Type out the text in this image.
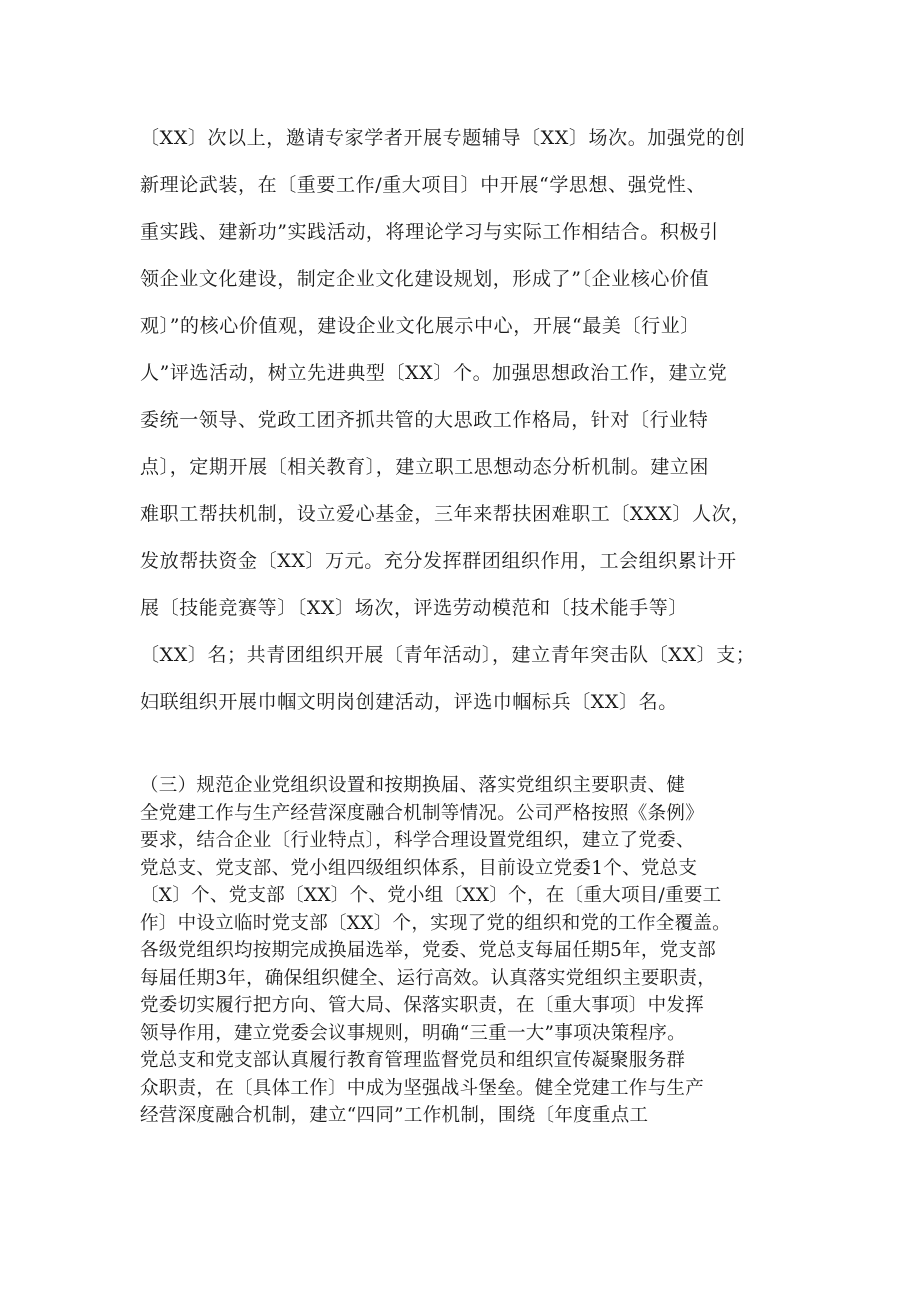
〔XX〕次以上，邀请专家学者开展专题辅导〔XX〕场次。加强党的创
新理论武装，在〔重要工作/重大项目〕中开展“学思想、强党性、
重实践、建新功”实践活动，将理论学习与实际工作相结合。积极引
领企业文化建设，制定企业文化建设规划，形成了”〔企业核心价值
观〕”的核心价值观，建设企业文化展示中心，开展“最美〔行业〕
人”评选活动，树立先进典型〔XX〕个。加强思想政治工作，建立党
委统一领导、党政工团齐抓共管的大思政工作格局，针对〔行业特
点〕，定期开展〔相关教育〕，建立职工思想动态分析机制。建立困
难职工帮扶机制，设立爱心基金，三年来帮扶困难职工〔XXX〕人次，
发放帮扶资金〔XX〕万元。充分发挥群团组织作用，工会组织累计开
展〔技能竞赛等〕〔XX〕场次，评选劳动模范和〔技术能手等〕
〔XX〕名；共青团组织开展〔青年活动〕，建立青年突击队〔XX〕支；
妇联组织开展巾帼文明岗创建活动，评选巾帼标兵〔XX〕名。
（三）规范企业党组织设置和按期换届、落实党组织主要职责、健
全党建工作与生产经营深度融合机制等情况。公司严格按照《条例》
要求，结合企业〔行业特点〕，科学合理设置党组织，建立了党委、
党总支、党支部、党小组四级组织体系，目前设立党委1个、党总支
〔X〕个、党支部〔XX〕个、党小组〔XX〕个，在〔重大项目/重要工
作〕中设立临时党支部〔XX〕个，实现了党的组织和党的工作全覆盖。
各级党组织均按期完成换届选举，党委、党总支每届任期5年，党支部
每届任期3年，确保组织健全、运行高效。认真落实党组织主要职责，
党委切实履行把方向、管大局、保落实职责，在〔重大事项〕中发挥
领导作用，建立党委会议事规则，明确“三重一大”事项决策程序。
党总支和党支部认真履行教育管理监督党员和组织宣传凝聚服务群
众职责，在〔具体工作〕中成为坚强战斗堡垒。健全党建工作与生产
经营深度融合机制，建立“四同”工作机制，围绕〔年度重点工
